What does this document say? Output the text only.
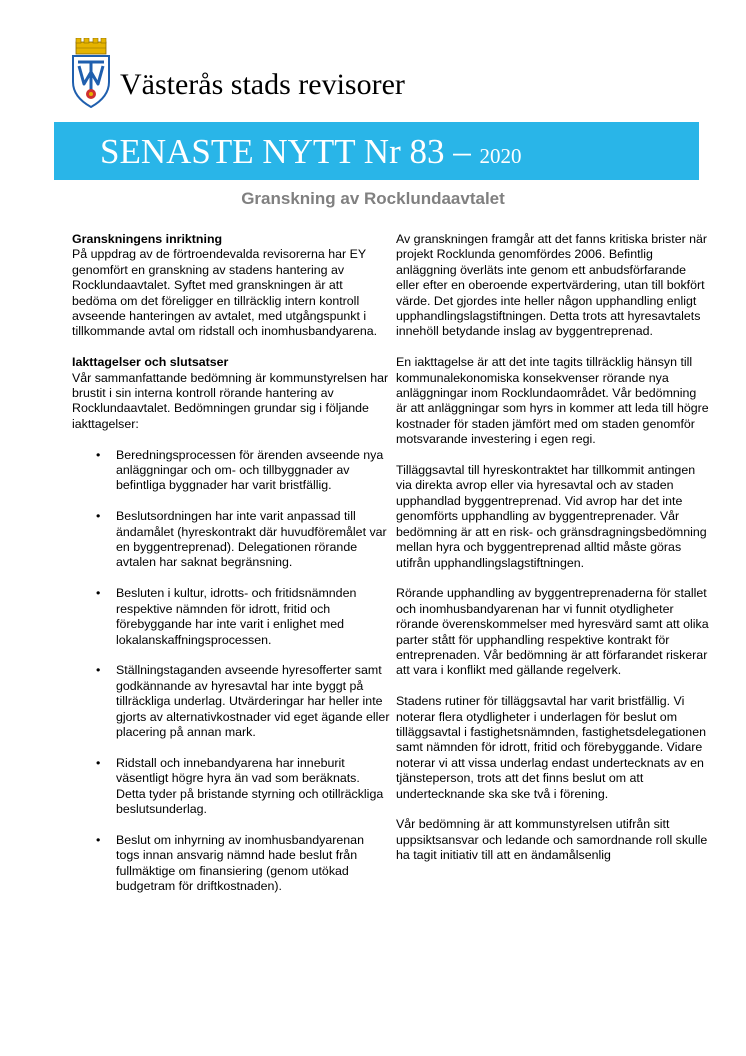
Västerås stads revisorer
SENASTE NYTT Nr 83 – 2020
Granskning av Rocklundaavtalet
Granskningens inriktning

På uppdrag av de förtroendevalda revisorerna har EY genomfört en granskning av stadens hantering av Rocklundaavtalet. Syftet med granskningen är att bedöma om det föreligger en tillräcklig intern kontroll avseende hanteringen av avtalet, med utgångspunkt i tillkommande avtal om ridstall och inomhusbandyarena.

Iakttagelser och slutsatser

Vår sammanfattande bedömning är kommunstyrelsen har brustit i sin interna kontroll rörande hantering av Rocklundaavtalet. Bedömningen grundar sig i följande iakttagelser:

• Beredningsprocessen för ärenden avseende nya anläggningar och om- och tillbyggnader av befintliga byggnader har varit bristfällig.
• Beslutsordningen har inte varit anpassad till ändamålet (hyreskontrakt där huvudföremålet var en byggentreprenad). Delegationen rörande avtalen har saknat begränsning.
• Besluten i kultur, idrotts- och fritidsnämnden respektive nämnden för idrott, fritid och förebyggande har inte varit i enlighet med lokalanskaffningsprocessen.
• Ställningstaganden avseende hyresofferter samt godkännande av hyresavtal har inte byggt på tillräckliga underlag. Utvärderingar har heller inte gjorts av alternativkostnader vid eget ägande eller placering på annan mark.
• Ridstall och innebandyarena har inneburit väsentligt högre hyra än vad som beräknats. Detta tyder på bristande styrning och otillräckliga beslutsunderlag.
• Beslut om inhyrning av inomhusbandyarenan togs innan ansvarig nämnd hade beslut från fullmäktige om finansiering (genom utökad budgetram för driftkostnaden).

Av granskningen framgår att det fanns kritiska brister när projekt Rocklunda genomfördes 2006. Befintlig anläggning överläts inte genom ett anbudsförfarande eller efter en oberoende expertvärdering, utan till bokfört värde. Det gjordes inte heller någon upphandling enligt upphandlingslagstiftningen. Detta trots att hyresavtalets innehöll betydande inslag av byggentreprenad.

En iakttagelse är att det inte tagits tillräcklig hänsyn till kommunalekonomiska konsekvenser rörande nya anläggningar inom Rocklundaområdet. Vår bedömning är att anläggningar som hyrs in kommer att leda till högre kostnader för staden jämfört med om staden genomför motsvarande investering i egen regi.

Tilläggsavtal till hyreskontraktet har tillkommit antingen via direkta avrop eller via hyresavtal och av staden upphandlad byggentreprenad. Vid avrop har det inte genomförts upphandling av byggentreprenader. Vår bedömning är att en risk- och gränsdragningsbedömning mellan hyra och byggentreprenad alltid måste göras utifrån upphandlingslagstiftningen.

Rörande upphandling av byggentreprenaderna för stallet och inomhusbandyarenan har vi funnit otydligheter rörande överenskommelser med hyresvärd samt att olika parter stått för upphandling respektive kontrakt för entreprenaden. Vår bedömning är att förfarandet riskerar att vara i konflikt med gällande regelverk.

Stadens rutiner för tilläggsavtal har varit bristfällig. Vi noterar flera otydligheter i underlagen för beslut om tilläggsavtal i fastighetsnämnden, fastighetsdelegationen samt nämnden för idrott, fritid och förebyggande. Vidare noterar vi att vissa underlag endast undertecknats av en tjänsteperson, trots att det finns beslut om att undertecknande ska ske två i förening.

Vår bedömning är att kommunstyrelsen utifrån sitt uppsiktsansvar och ledande och samordnande roll skulle ha tagit initiativ till att en ändamålsenlig
